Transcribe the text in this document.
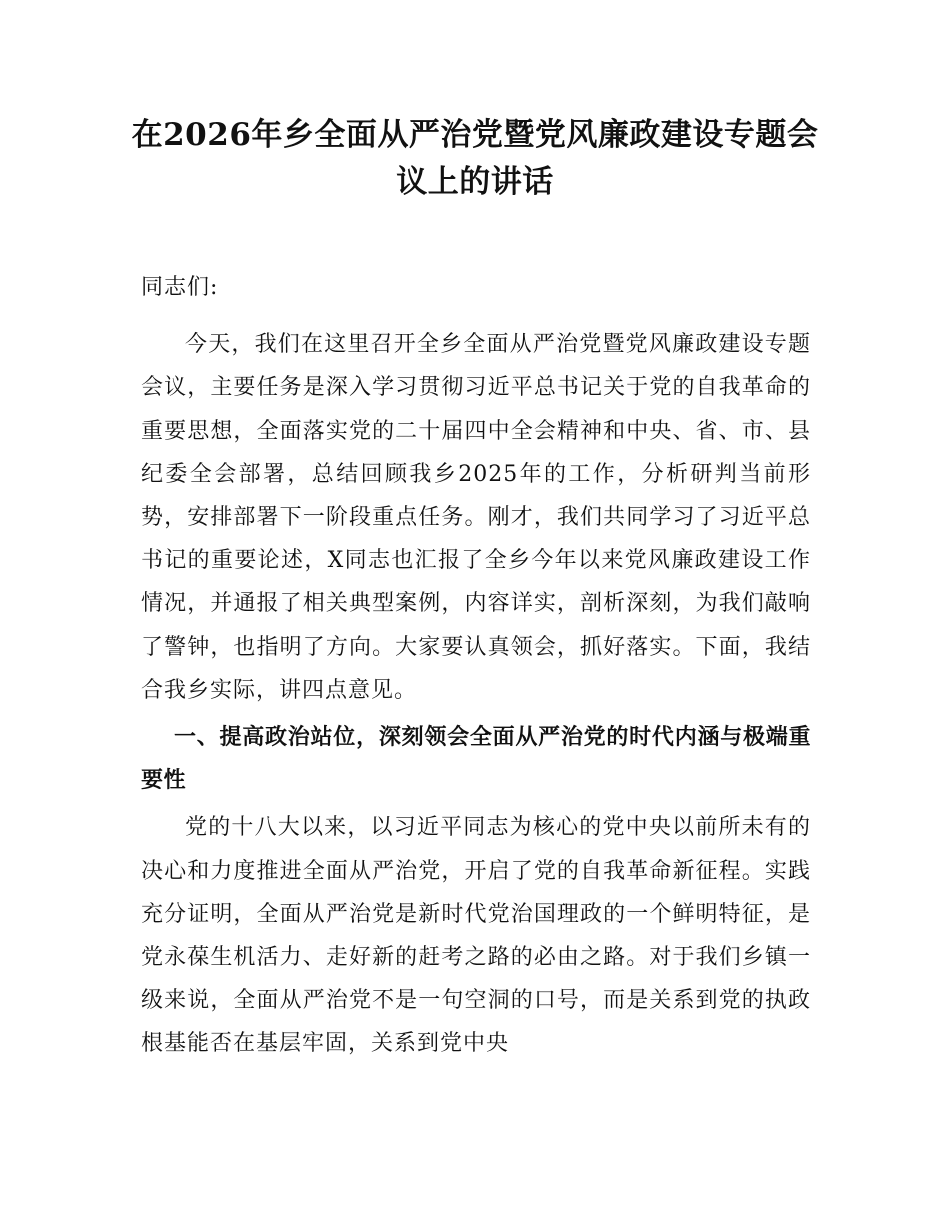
在2026年乡全面从严治党暨党风廉政建设专题会议上的讲话

同志们:

今天，我们在这里召开全乡全面从严治党暨党风廉政建设专题会议，主要任务是深入学习贯彻习近平总书记关于党的自我革命的重要思想，全面落实党的二十届四中全会精神和中央、省、市、县纪委全会部署，总结回顾我乡2025年的工作，分析研判当前形势，安排部署下一阶段重点任务。刚才，我们共同学习了习近平总书记的重要论述，X同志也汇报了全乡今年以来党风廉政建设工作情况，并通报了相关典型案例，内容详实，剖析深刻，为我们敲响了警钟，也指明了方向。大家要认真领会，抓好落实。下面，我结合我乡实际，讲四点意见。

一、提高政治站位，深刻领会全面从严治党的时代内涵与极端重要性

党的十八大以来，以习近平同志为核心的党中央以前所未有的决心和力度推进全面从严治党，开启了党的自我革命新征程。实践充分证明，全面从严治党是新时代党治国理政的一个鲜明特征，是党永葆生机活力、走好新的赶考之路的必由之路。对于我们乡镇一级来说，全面从严治党不是一句空洞的口号，而是关系到党的执政根基能否在基层牢固，关系到党中央
